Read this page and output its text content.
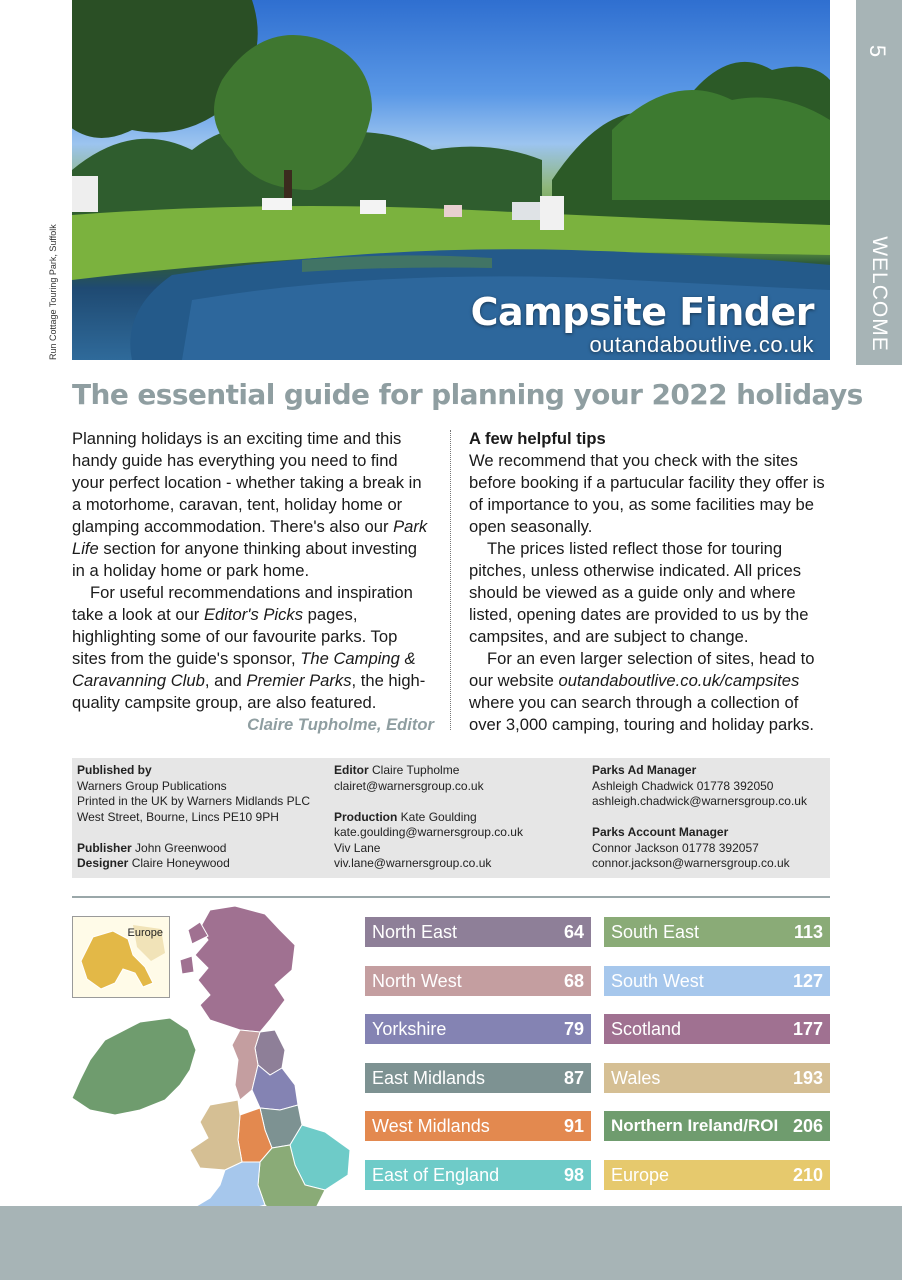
Campsite Finder
outandaboutlive.co.uk
Run Cottage Touring Park, Suffolk
5
WELCOME
The essential guide for planning your 2022 holidays

Planning holidays is an exciting time and this handy guide has everything you need to find your perfect location - whether taking a break in a motorhome, caravan, tent, holiday home or glamping accommodation. There's also our Park Life section for anyone thinking about investing in a holiday home or park home.

For useful recommendations and inspiration take a look at our Editor's Picks pages, highlighting some of our favourite parks. Top sites from the guide's sponsor, The Camping & Caravanning Club, and Premier Parks, the high-quality campsite group, are also featured.

Claire Tupholme, Editor

A few helpful tips

We recommend that you check with the sites before booking if a partucular facility they offer is of importance to you, as some facilities may be open seasonally.

The prices listed reflect those for touring pitches, unless otherwise indicated. All prices should be viewed as a guide only and where listed, opening dates are provided to us by the campsites, and are subject to change.

For an even larger selection of sites, head to our website outandaboutlive.co.uk/campsites where you can search through a collection of over 3,000 camping, touring and holiday parks.

Published by
Warners Group Publications
Printed in the UK by Warners Midlands PLC
West Street, Bourne, Lincs PE10 9PH
Publisher John Greenwood
Designer Claire Honeywood
Editor Claire Tupholme
clairet@warnersgroup.co.uk
Production Kate Goulding
kate.goulding@warnersgroup.co.uk
Viv Lane
viv.lane@warnersgroup.co.uk
Parks Ad Manager
Ashleigh Chadwick 01778 392050
ashleigh.chadwick@warnersgroup.co.uk
Parks Account Manager
Connor Jackson 01778 392057
connor.jackson@warnersgroup.co.uk
Europe	North East	64
North West	68
Yorkshire	79
East Midlands	87
West Midlands	91
East of England	98
South East	113
South West	127
Scotland	177
Wales	193
Northern Ireland/ROI 206
Europe	210
